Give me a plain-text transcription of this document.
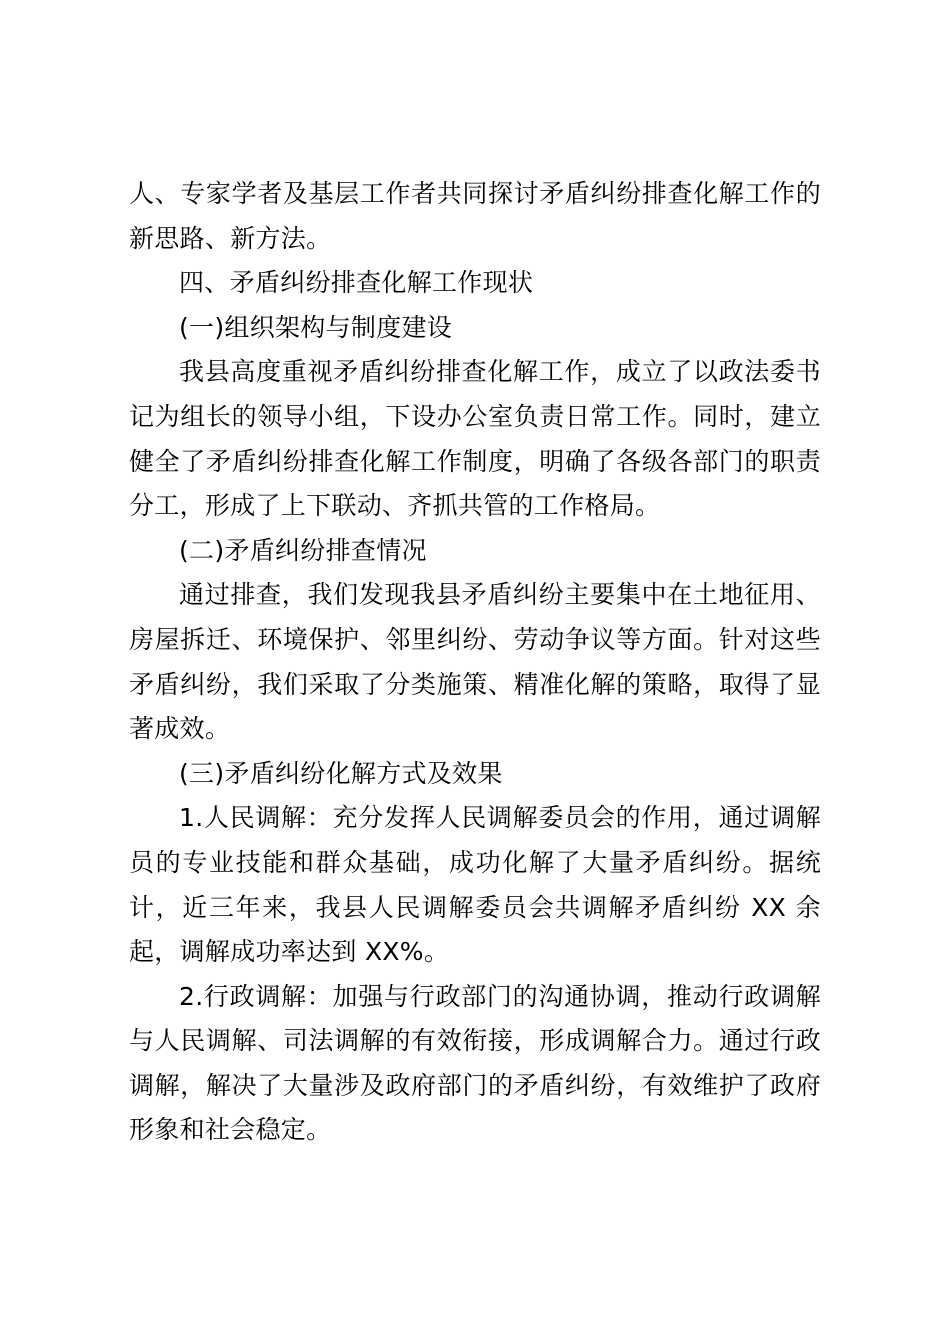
人、专家学者及基层工作者共同探讨矛盾纠纷排查化解工作的新思路、新方法。

四、矛盾纠纷排查化解工作现状

(一)组织架构与制度建设

我县高度重视矛盾纠纷排查化解工作，成立了以政法委书记为组长的领导小组，下设办公室负责日常工作。同时，建立健全了矛盾纠纷排查化解工作制度，明确了各级各部门的职责分工，形成了上下联动、齐抓共管的工作格局。

(二)矛盾纠纷排查情况

通过排查，我们发现我县矛盾纠纷主要集中在土地征用、房屋拆迁、环境保护、邻里纠纷、劳动争议等方面。针对这些矛盾纠纷，我们采取了分类施策、精准化解的策略，取得了显著成效。

(三)矛盾纠纷化解方式及效果

1.人民调解：充分发挥人民调解委员会的作用，通过调解员的专业技能和群众基础，成功化解了大量矛盾纠纷。据统计，近三年来，我县人民调解委员会共调解矛盾纠纷 XX 余起，调解成功率达到 XX%。

2.行政调解：加强与行政部门的沟通协调，推动行政调解与人民调解、司法调解的有效衔接，形成调解合力。通过行政调解，解决了大量涉及政府部门的矛盾纠纷，有效维护了政府形象和社会稳定。
